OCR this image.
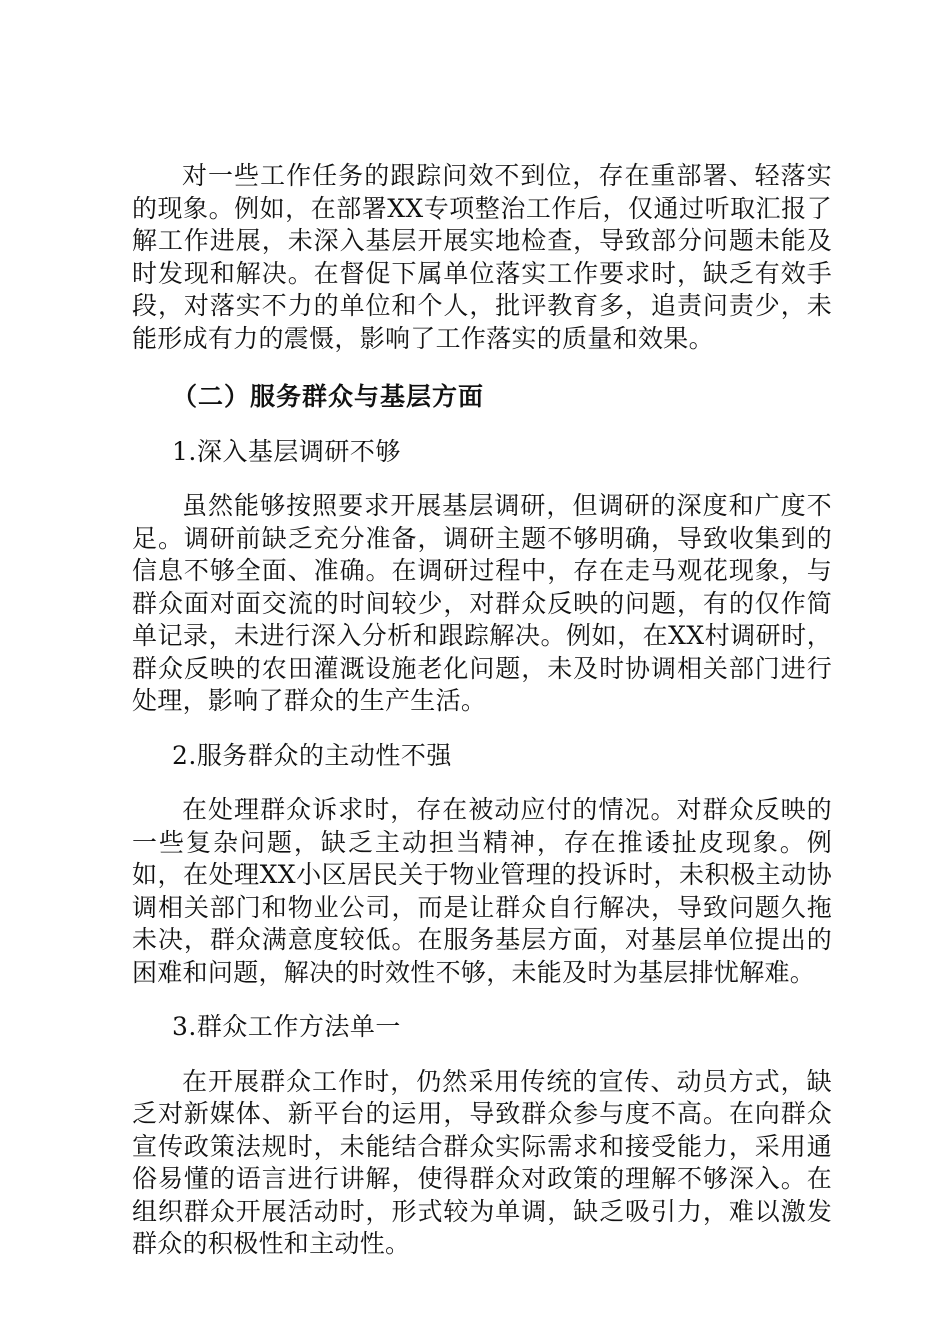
对一些工作任务的跟踪问效不到位，存在重部署、轻落实的现象。例如，在部署XX专项整治工作后，仅通过听取汇报了解工作进展，未深入基层开展实地检查，导致部分问题未能及时发现和解决。在督促下属单位落实工作要求时，缺乏有效手段，对落实不力的单位和个人，批评教育多，追责问责少，未能形成有力的震慑，影响了工作落实的质量和效果。

（二）服务群众与基层方面

1.深入基层调研不够

虽然能够按照要求开展基层调研，但调研的深度和广度不足。调研前缺乏充分准备，调研主题不够明确，导致收集到的信息不够全面、准确。在调研过程中，存在走马观花现象，与群众面对面交流的时间较少，对群众反映的问题，有的仅作简单记录，未进行深入分析和跟踪解决。例如，在XX村调研时，群众反映的农田灌溉设施老化问题，未及时协调相关部门进行处理，影响了群众的生产生活。

2.服务群众的主动性不强

在处理群众诉求时，存在被动应付的情况。对群众反映的一些复杂问题，缺乏主动担当精神，存在推诿扯皮现象。例如，在处理XX小区居民关于物业管理的投诉时，未积极主动协调相关部门和物业公司，而是让群众自行解决，导致问题久拖未决，群众满意度较低。在服务基层方面，对基层单位提出的困难和问题，解决的时效性不够，未能及时为基层排忧解难。

3.群众工作方法单一

在开展群众工作时，仍然采用传统的宣传、动员方式，缺乏对新媒体、新平台的运用，导致群众参与度不高。在向群众宣传政策法规时，未能结合群众实际需求和接受能力，采用通俗易懂的语言进行讲解，使得群众对政策的理解不够深入。在组织群众开展活动时，形式较为单调，缺乏吸引力，难以激发群众的积极性和主动性。
